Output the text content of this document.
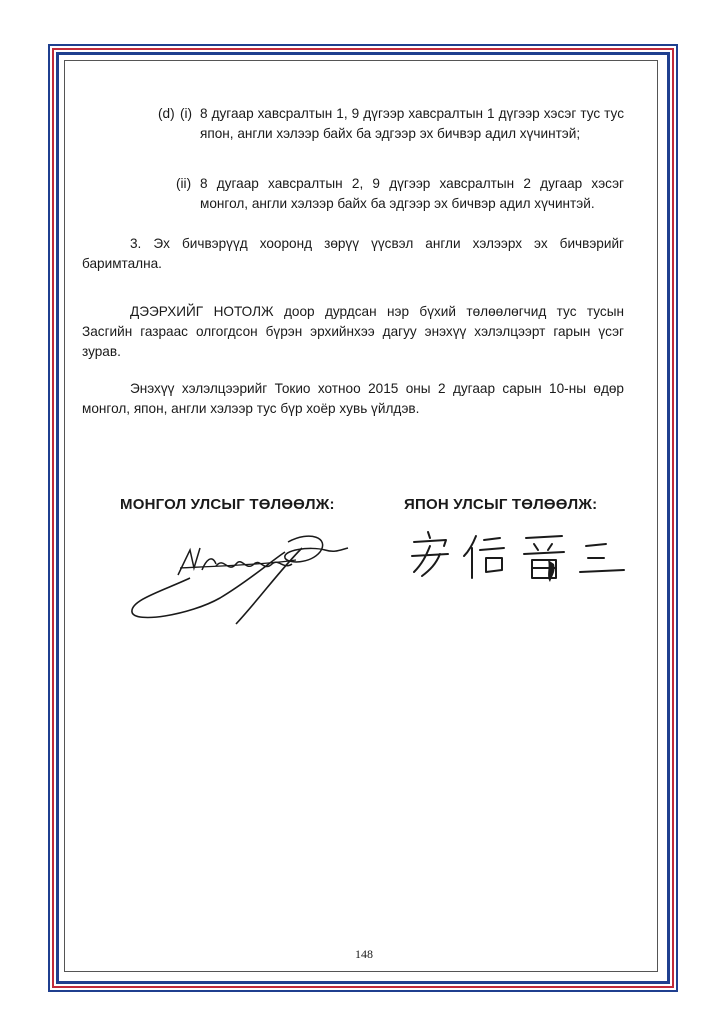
(d) (i) 8 дугаар хавсралтын 1, 9 дүгээр хавсралтын 1 дүгээр хэсэг тус тус япон, англи хэлээр байх ба эдгээр эх бичвэр адил хүчинтэй;
(ii) 8 дугаар хавсралтын 2, 9 дүгээр хавсралтын 2 дугаар хэсэг монгол, англи хэлээр байх ба эдгээр эх бичвэр адил хүчинтэй.
3. Эх бичвэрүүд хооронд зөрүү үүсвэл англи хэлээрх эх бичвэрийг баримтална.
ДЭЭРХИЙГ НОТОЛЖ доор дурдсан нэр бүхий төлөөлөгчид тус тусын Засгийн газраас олгогдсон бүрэн эрхийнхээ дагуу энэхүү хэлэлцээрт гарын үсэг зурав.
Энэхүү хэлэлцээрийг Токио хотноо 2015 оны 2 дугаар сарын 10-ны өдөр монгол, япон, англи хэлээр тус бүр хоёр хувь үйлдэв.
МОНГОЛ УЛСЫГ ТӨЛӨӨЛЖ:	ЯПОН УЛСЫГ ТӨЛӨӨЛЖ:
148
